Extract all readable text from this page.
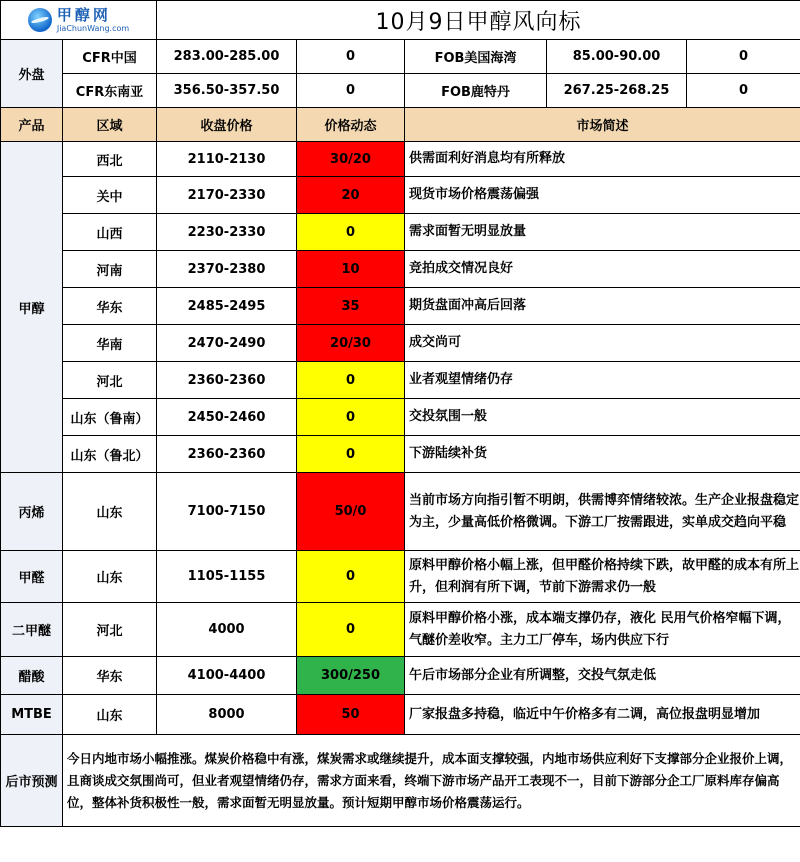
甲醇网
JiaChunWang.com		10月9日甲醇风向标				
外盘	CFR中国	283.00-285.00	0	FOB美国海湾	85.00-90.00	0
	CFR东南亚	356.50-357.50	0	FOB鹿特丹	267.25-268.25	0
产品	区域	收盘价格	价格动态	市场简述		
甲醇	西北	2110-2130	30/20	供需面利好消息均有所释放		
	关中	2170-2330	20	现货市场价格震荡偏强		
	山西	2230-2330	0	需求面暂无明显放量		
	河南	2370-2380	10	竞拍成交情况良好		
	华东	2485-2495	35	期货盘面冲高后回落		
	华南	2470-2490	20/30	成交尚可		
	河北	2360-2360	0	业者观望情绪仍存		
	山东（鲁南）	2450-2460	0	交投氛围一般		
	山东（鲁北）	2360-2360	0	下游陆续补货		
丙烯	山东	7100-7150	50/0	当前市场方向指引暂不明朗，供需博弈情绪较浓。生产企业报盘稳定为主，少量高低价格微调。下游工厂按需跟进，实单成交趋向平稳		
甲醛	山东	1105-1155	0	原料甲醇价格小幅上涨，但甲醛价格持续下跌，故甲醛的成本有所上升，但利润有所下调，节前下游需求仍一般		
二甲醚	河北	4000	0	原料甲醇价格小涨，成本端支撑仍存，液化 民用气价格窄幅下调，气醚价差收窄。主力工厂停车，场内供应下行		
醋酸	华东	4100-4400	300/250	午后市场部分企业有所调整，交投气氛走低		
MTBE	山东	8000	50	厂家报盘多持稳，临近中午价格多有二调，高位报盘明显增加		
后市预测	今日内地市场小幅推涨。煤炭价格稳中有涨，煤炭需求或继续提升，成本面支撑较强，内地市场供应利好下支撑部分企业报价上调，且商谈成交氛围尚可，但业者观望情绪仍存，需求方面来看，终端下游市场产品开工表现不一，目前下游部分企工厂原料库存偏高位，整体补货积极性一般，需求面暂无明显放量。预计短期甲醇市场价格震荡运行。					
